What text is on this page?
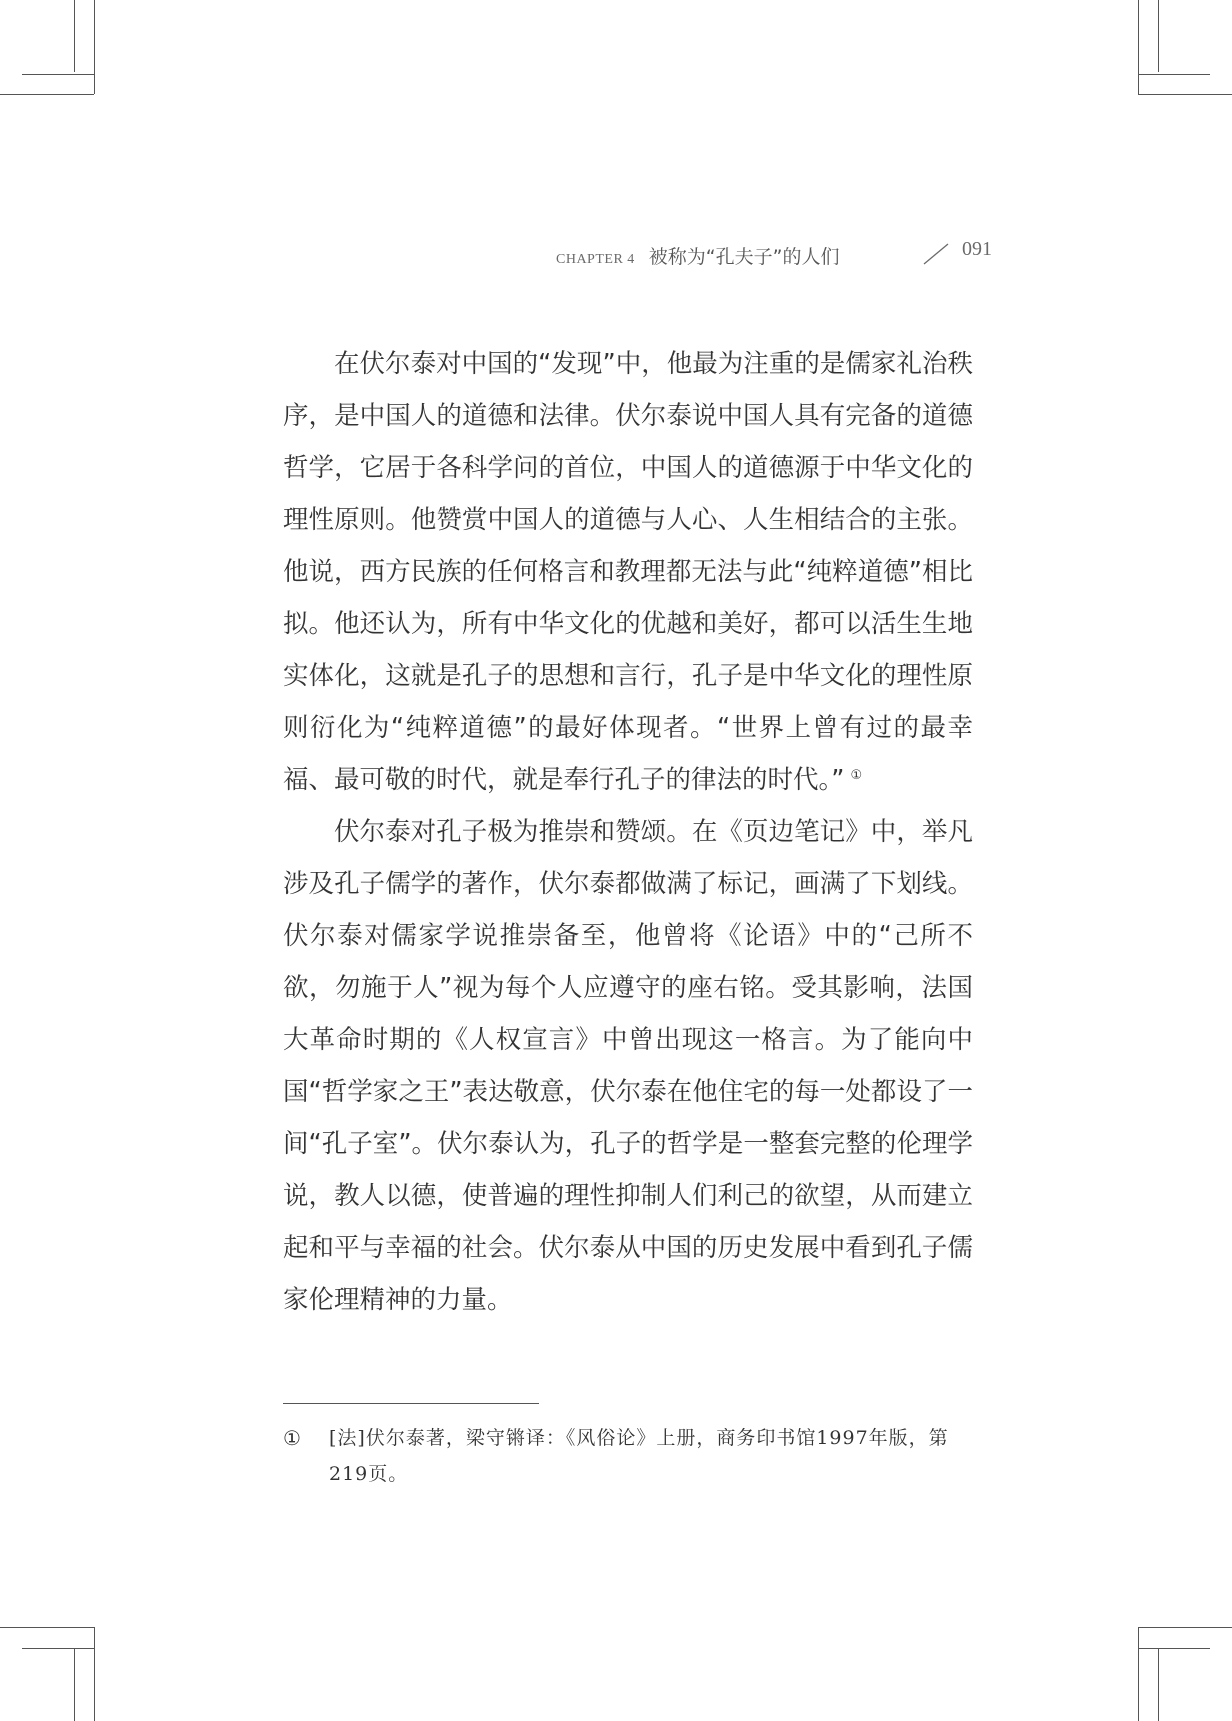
CHAPTER 4 被称为“孔夫子”的人们	091

在伏尔泰对中国的“发现”中，他最为注重的是儒家礼治秩序，是中国人的道德和法律。伏尔泰说中国人具有完备的道德哲学，它居于各科学问的首位，中国人的道德源于中华文化的理性原则。他赞赏中国人的道德与人心、人生相结合的主张。他说，西方民族的任何格言和教理都无法与此“纯粹道德”相比拟。他还认为，所有中华文化的优越和美好，都可以活生生地实体化，这就是孔子的思想和言行，孔子是中华文化的理性原则衍化为“纯粹道德”的最好体现者。“世界上曾有过的最幸福、最可敬的时代，就是奉行孔子的律法的时代。” ①

伏尔泰对孔子极为推崇和赞颂。在《页边笔记》中，举凡涉及孔子儒学的著作，伏尔泰都做满了标记，画满了下划线。伏尔泰对儒家学说推崇备至，他曾将《论语》中的“己所不欲，勿施于人”视为每个人应遵守的座右铭。受其影响，法国大革命时期的《人权宣言》中曾出现这一格言。为了能向中国“哲学家之王”表达敬意，伏尔泰在他住宅的每一处都设了一间“孔子室”。伏尔泰认为，孔子的哲学是一整套完整的伦理学说，教人以德，使普遍的理性抑制人们利己的欲望，从而建立起和平与幸福的社会。伏尔泰从中国的历史发展中看到孔子儒家伦理精神的力量。

①	[法]伏尔泰著，梁守锵译：《风俗论》上册，商务印书馆1997年版，第219页。
